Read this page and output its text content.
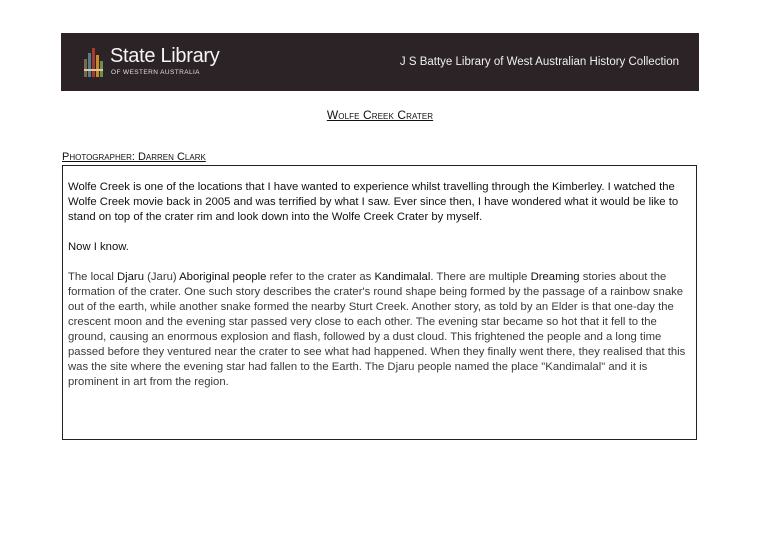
State Library
OF WESTERN AUSTRALIA
J S Battye Library of West Australian History Collection
Wolfe Creek Crater
Photographer: Darren Clark

Wolfe Creek is one of the locations that I have wanted to experience whilst travelling through the Kimberley. I watched the Wolfe Creek movie back in 2005 and was terrified by what I saw. Ever since then, I have wondered what it would be like to stand on top of the crater rim and look down into the Wolfe Creek Crater by myself.

Now I know.

The local Djaru (Jaru) Aboriginal people refer to the crater as Kandimalal. There are multiple Dreaming stories about the formation of the crater. One such story describes the crater's round shape being formed by the passage of a rainbow snake out of the earth, while another snake formed the nearby Sturt Creek. Another story, as told by an Elder is that one-day the crescent moon and the evening star passed very close to each other. The evening star became so hot that it fell to the ground, causing an enormous explosion and flash, followed by a dust cloud. This frightened the people and a long time passed before they ventured near the crater to see what had happened. When they finally went there, they realised that this was the site where the evening star had fallen to the Earth. The Djaru people named the place "Kandimalal" and it is prominent in art from the region.
